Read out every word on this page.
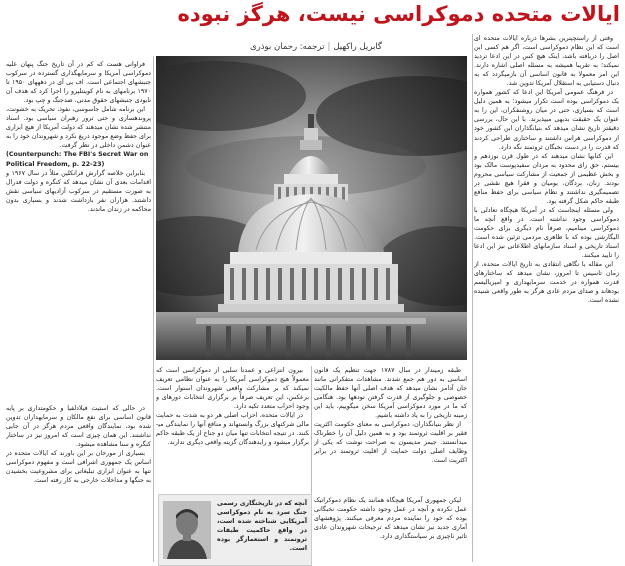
ایالات متحده دموکراسی نیست، هرگز نبوده
گابریل راکهیل|ترجمه: رحمان بوذری

وقتی از راستچپترین بشرها درباره ایالات متحده ای است که این نظام دموکراسی است، اگر هم کسی این اصل را دریافته باشد، اینک هیچ کس در این ادعا تردید نمیکند؛ به تقریبا همیشه به مسئله اصلی اشاره دارند. این امر معمولا به قانون اساسی آن بازمیگردد که به دنبال دستیابی به استقلال آمریکا تدوین شد.

در فرهنگ عمومی آمریکا این ادعا که کشور همواره یک دموکراسی بوده است تکرار میشود؛ به همین دلیل است که بسیاری، حتی در میان روشنفکران، این را به عنوان یک حقیقت بدیهی میپذیرند. با این حال، بررسی دقیقتر تاریخ نشان میدهد که بنیانگذاران این کشور خود از دموکراسی هراس داشتند و ساختاری طراحی کردند که قدرت را در دست نخبگان ثروتمند نگه دارد.

این کتابها نشان میدهند که در طول قرن نوزدهم و بیستم، حق رای محدود به مردان سفیدپوست مالک بود و بخش عظیمی از جمعیت از مشارکت سیاسی محروم بودند. زنان، بردگان، بومیان و فقرا هیچ نقشی در تصمیمگیری نداشتند و نظام سیاسی برای حفظ منافع طبقه حاکم شکل گرفته بود.

ولی مسئله اینجاست که در آمریکا هیچگاه تعادلی با دموکراسی وجود نداشته است. در واقع آنچه ما دموکراسی مینامیم، صرفاً نام دیگری برای حکومت الیگارشی بوده که با ظاهری مردمی تزئین شده است. اسناد تاریخی و اسناد سازمانهای اطلاعاتی نیز این ادعا را تایید میکنند.

این مقاله با نگاهی انتقادی به تاریخ ایالات متحده، از زمان تاسیس تا امروز، نشان میدهد که ساختارهای قدرت همواره در خدمت سرمایهداری و امپریالیسم بودهاند و صدای مردم عادی هرگز به طور واقعی شنیده نشده است.

فراوانی هست که کم در آن تاریخ جنگ پنهان علیه دموکراسی آمریکا و سرمایهگذاری گسترده در سرکوب جنبشهای اجتماعی است. اف بی آی در دهههای ۱۹۵۰ تا ۱۹۷۰ برنامهای به نام کوینتلپرو را اجرا کرد که هدف آن نابودی جنبشهای حقوق مدنی، ضدجنگ و چپ بود.

این برنامه شامل جاسوسی، نفوذ، تحریک به خشونت، پروندهسازی و حتی ترور رهبران سیاسی بود. اسناد منتشر شده نشان میدهند که دولت آمریکا از هیچ ابزاری برای حفظ وضع موجود دریغ نکرد و شهروندان خود را به عنوان دشمن داخلی در نظر گرفت.

(Counterpunch: The FBI's Secret War on Political Freedom, p. 22-23)

بنابراین خلاصه گزارش فرانکلین مثلاً در سال ۱۹۶۷ و اقدامات بعدی آن نشان میدهد که کنگره و دولت فدرال به صورت مستقیم در سرکوب آزادیهای سیاسی نقش داشتند. هزاران نفر بازداشت شدند و بسیاری بدون محاکمه در زندان ماندند.

در حالی که استیت فیلادلفیا و حکومتداری بر پایه قانون اساسی برای نفع مالکان و سرمایهداران تدوین شده بود، نمایندگان واقعی مردم هرگز در آن جایی نداشتند. این همان چیزی است که امروز نیز در ساختار کنگره و سنا مشاهده میشود.

بسیاری از مورخان بر این باورند که ایالات متحده در اساس یک جمهوری اشرافی است و مفهوم دموکراسی تنها به عنوان ابزاری تبلیغاتی برای مشروعیت بخشیدن به جنگها و مداخلات خارجی به کار رفته است.

طبقه زمیندار در سال ۱۷۸۷ جهت تنظیم یک قانون اساسی به دور هم جمع شدند. مشاهدات متفکرانی مانند جان آدامز نشان میدهد که هدف اصلی آنها حفظ مالکیت خصوصی و جلوگیری از قدرت گرفتن تودهها بود. هنگامی که ما در مورد دموکراسی آمریکا سخن میگوییم، باید این زمینه تاریخی را به یاد داشته باشیم.

از نظر بنیانگذاران، دموکراسی به معنای حکومت اکثریت فقیر بر اقلیت ثروتمند بود و به همین دلیل آن را خطرناک میدانستند. جیمز مدیسون به صراحت نوشت که یکی از وظایف اصلی دولت حمایت از اقلیت ثروتمند در برابر اکثریت است.

لیکن جمهوری آمریکا هیچگاه همانند یک نظام دموکراتیک عمل نکرده و آنچه در عمل وجود داشته حکومت نخبگانی بوده که خود را نماینده مردم معرفی میکنند. پژوهشهای آماری جدید نیز نشان میدهد که ترجیحات شهروندان عادی تاثیر ناچیزی بر سیاستگذاری دارد.

بیرون انتزاعی و عمدتا سلبی از دموکراسی است که معمولاً هیچ دموکراسی آمریکا را به عنوان نظامی تعریف نمیکند که بر مشارکت واقعی شهروندان استوار است. برعکس، این تعریف صرفاً بر برگزاری انتخابات دورهای و وجود احزاب متعدد تکیه دارد.

در ایالات متحده، احزاب اصلی هر دو به شدت به حمایت مالی شرکتهای بزرگ وابستهاند و منافع آنها را نمایندگی میکنند. در نتیجه انتخابات تنها میان دو جناح از یک طبقه حاکم برگزار میشود و رایدهندگان گزینه واقعی دیگری ندارند.

آنچه که در تاریخنگاری رسمی جنگ سرد به نام دموکراسی آمریکایی شناخته شده است، در واقع حاکمیت طبقات ثروتمند و استعمارگر بوده است.
